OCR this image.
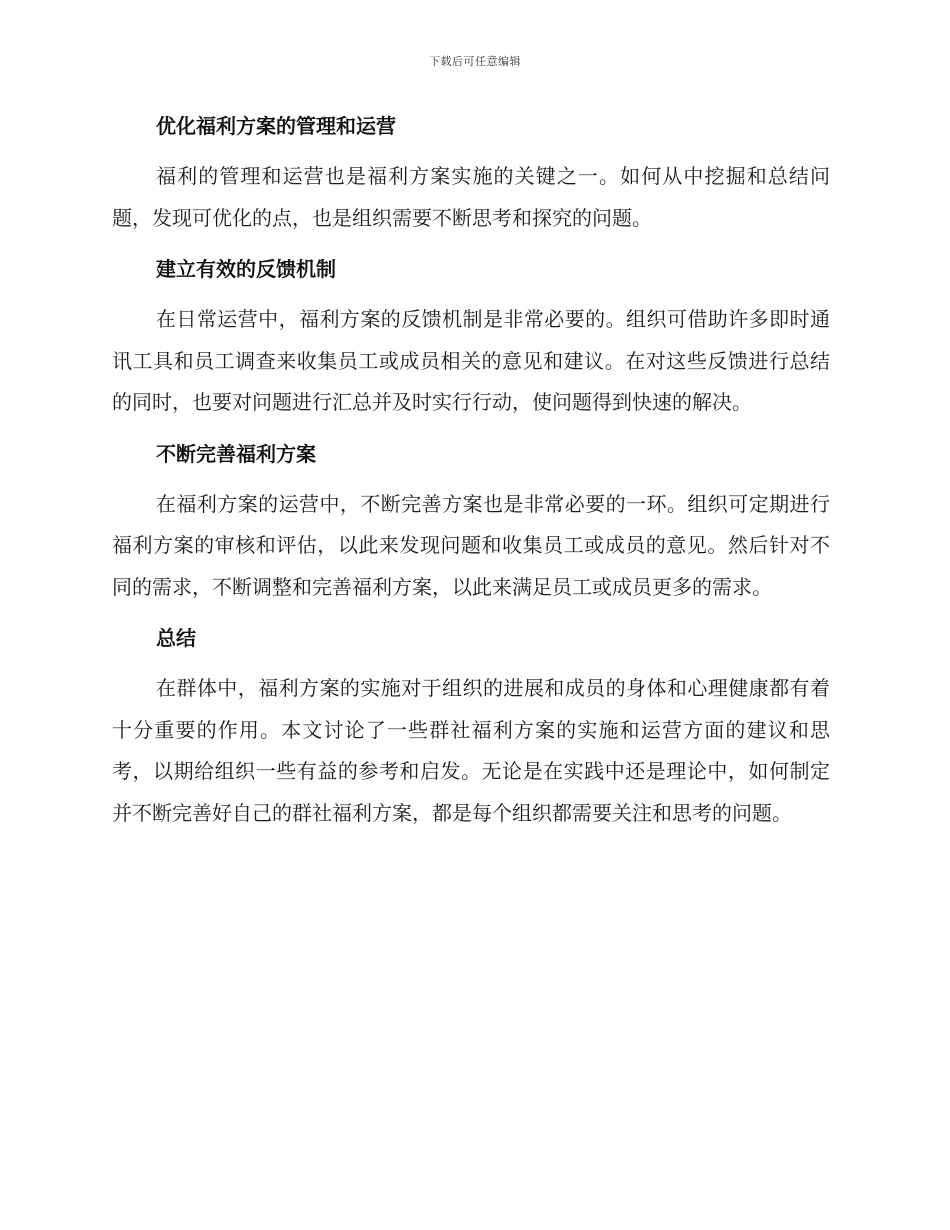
下载后可任意编辑
优化福利方案的管理和运营

福利的管理和运营也是福利方案实施的关键之一。如何从中挖掘和总结问题，发现可优化的点，也是组织需要不断思考和探究的问题。

建立有效的反馈机制

在日常运营中，福利方案的反馈机制是非常必要的。组织可借助许多即时通讯工具和员工调查来收集员工或成员相关的意见和建议。在对这些反馈进行总结的同时，也要对问题进行汇总并及时实行行动，使问题得到快速的解决。

不断完善福利方案

在福利方案的运营中，不断完善方案也是非常必要的一环。组织可定期进行福利方案的审核和评估，以此来发现问题和收集员工或成员的意见。然后针对不同的需求，不断调整和完善福利方案，以此来满足员工或成员更多的需求。

总结

在群体中，福利方案的实施对于组织的进展和成员的身体和心理健康都有着十分重要的作用。本文讨论了一些群社福利方案的实施和运营方面的建议和思考，以期给组织一些有益的参考和启发。无论是在实践中还是理论中，如何制定并不断完善好自己的群社福利方案，都是每个组织都需要关注和思考的问题。
